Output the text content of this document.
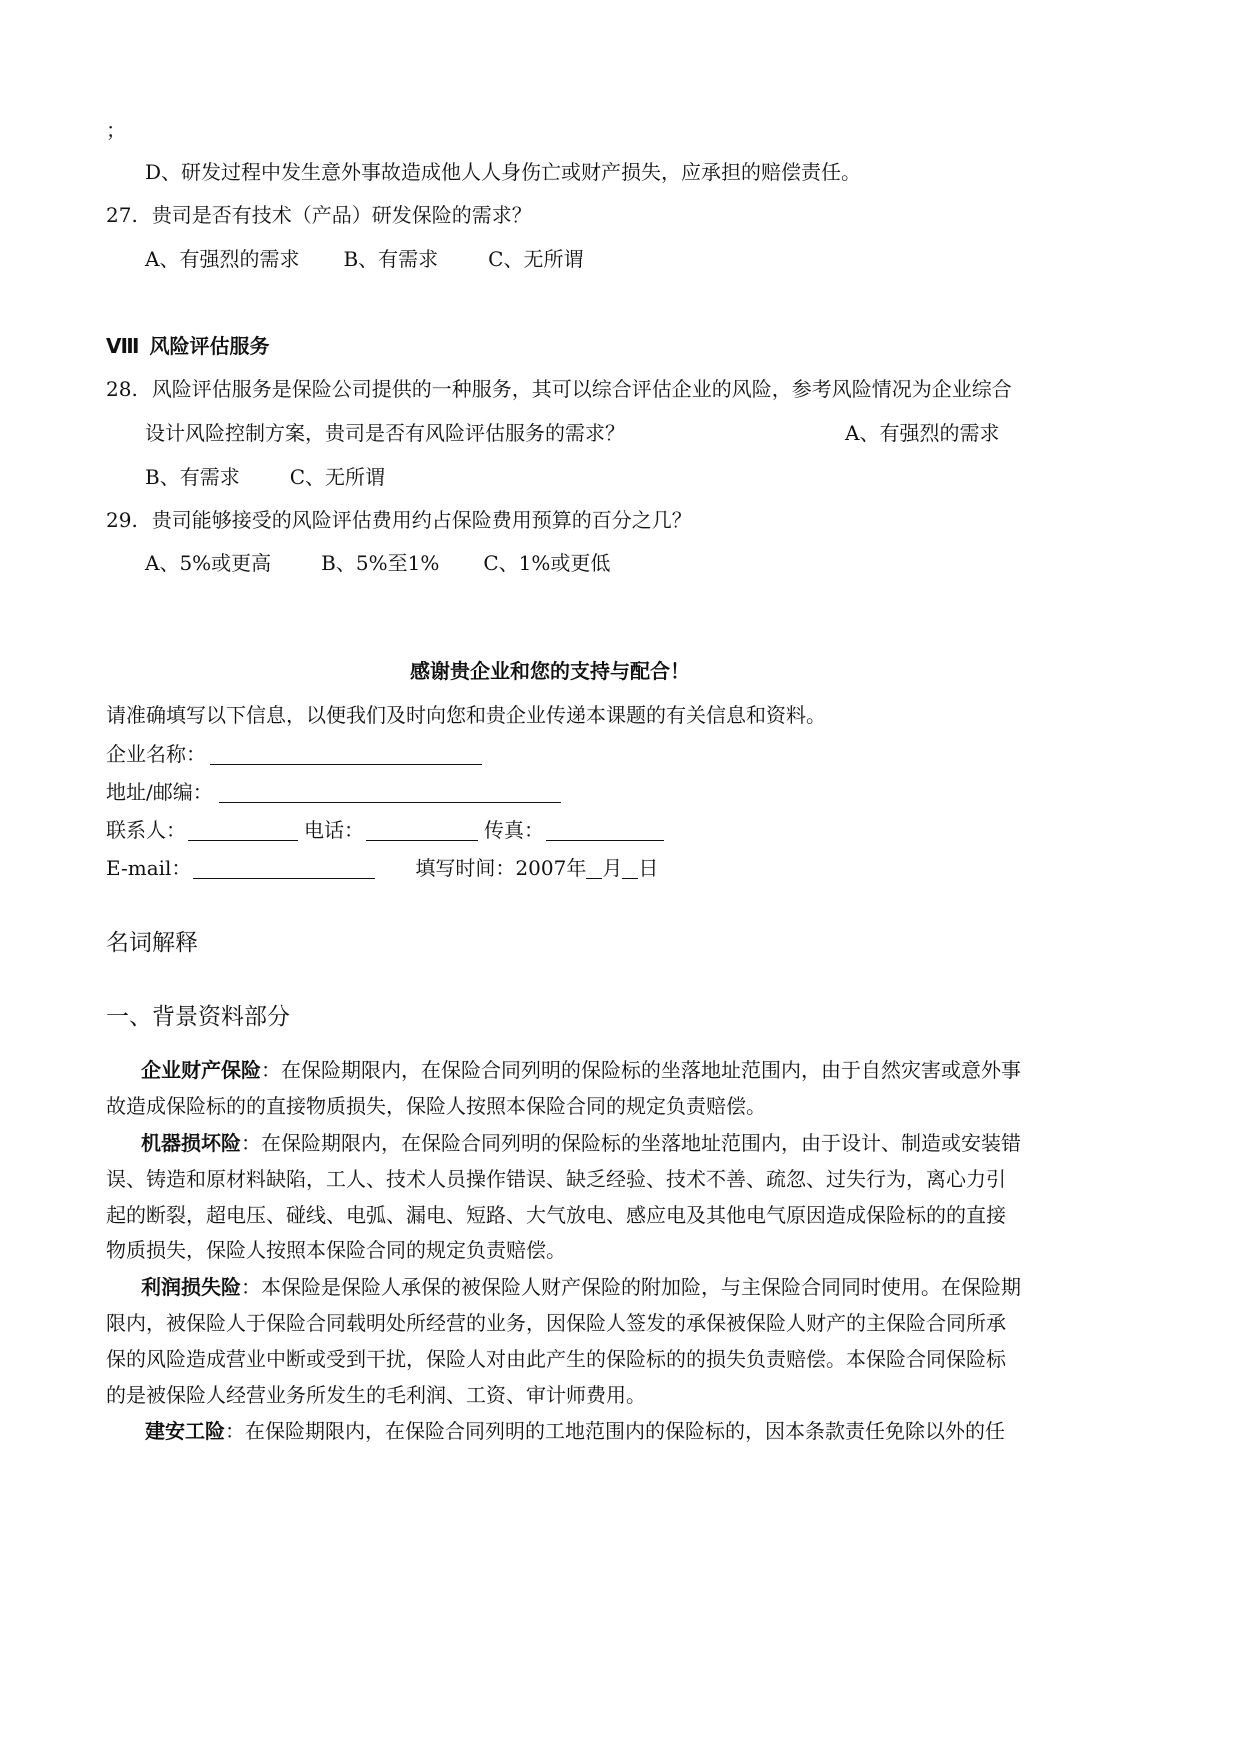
；
D、研发过程中发生意外事故造成他人人身伤亡或财产损失，应承担的赔偿责任。
27. 贵司是否有技术（产品）研发保险的需求？
A、有强烈的需求 B、有需求	C、无所谓
Ⅷ 风险评估服务
28. 风险评估服务是保险公司提供的一种服务，其可以综合评估企业的风险，参考风险情况为企业综合
设计风险控制方案，贵司是否有风险评估服务的需求？	A、有强烈的需求
B、有需求	C、无所谓
29. 贵司能够接受的风险评估费用约占保险费用预算的百分之几？
A、5%或更高	B、5%至1% C、1%或更低
感谢贵企业和您的支持与配合！
请准确填写以下信息，以便我们及时向您和贵企业传递本课题的有关信息和资料。
企业名称：
地址/邮编：
联系人：	电话：	传真：
E-mail：	填写时间：2007年 月 日
名词解释
一、背景资料部分
企业财产保险：在保险期限内，在保险合同列明的保险标的坐落地址范围内，由于自然灾害或意外事
故造成保险标的的直接物质损失，保险人按照本保险合同的规定负责赔偿。
机器损坏险：在保险期限内，在保险合同列明的保险标的坐落地址范围内，由于设计、制造或安装错
误、铸造和原材料缺陷，工人、技术人员操作错误、缺乏经验、技术不善、疏忽、过失行为，离心力引
起的断裂，超电压、碰线、电弧、漏电、短路、大气放电、感应电及其他电气原因造成保险标的的直接
物质损失，保险人按照本保险合同的规定负责赔偿。
利润损失险：本保险是保险人承保的被保险人财产保险的附加险，与主保险合同同时使用。在保险期
限内，被保险人于保险合同载明处所经营的业务，因保险人签发的承保被保险人财产的主保险合同所承
保的风险造成营业中断或受到干扰，保险人对由此产生的保险标的的损失负责赔偿。本保险合同保险标
的是被保险人经营业务所发生的毛利润、工资、审计师费用。
建安工险：在保险期限内，在保险合同列明的工地范围内的保险标的，因本条款责任免除以外的任
